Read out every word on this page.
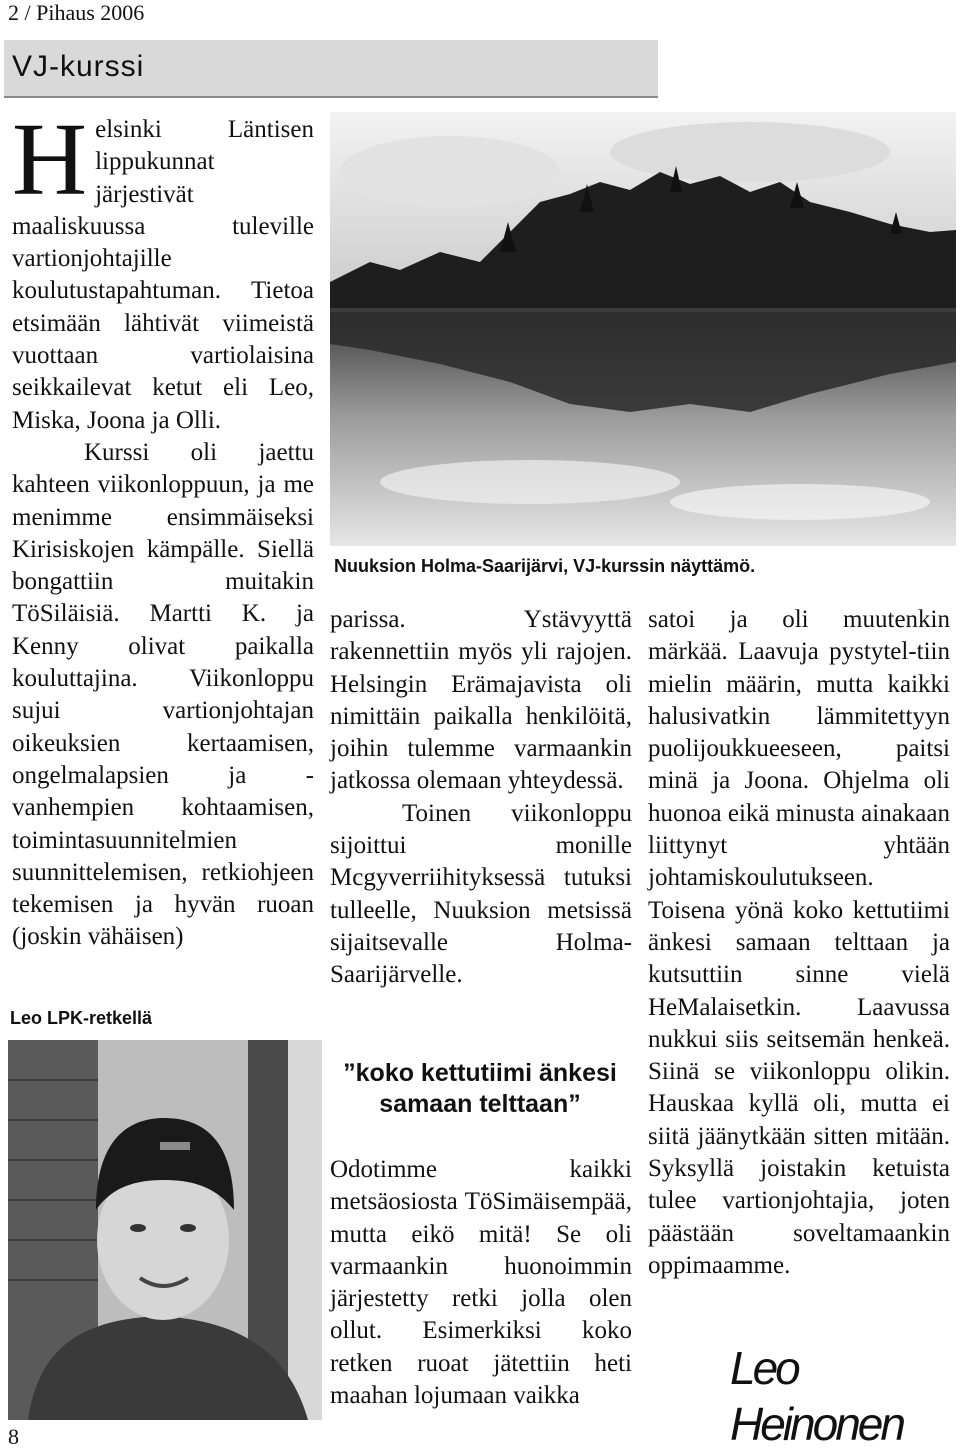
2 / Pihaus 2006
VJ-kurssi
Nuuksion Holma-Saarijärvi, VJ-kurssin näyttämö.

Helsinki Läntisen lippukunnat järjestivät maaliskuussa tuleville vartionjohtajille koulutustapahtuman. Tietoa etsimään lähtivät viimeistä vuottaan vartiolaisina seikkailevat ketut eli Leo, Miska, Joona ja Olli.

Kurssi oli jaettu kahteen viikonloppuun, ja me menimme ensimmäiseksi Kirisiskojen kämpälle. Siellä bongattiin muitakin TöSiläisiä. Martti K. ja Kenny olivat paikalla kouluttajina. Viikonloppu sujui vartionjohtajan oikeuksien kertaamisen, ongelmalapsien ja -vanhempien kohtaamisen, toimintasuunnitelmien suunnittelemisen, retkiohjeen tekemisen ja hyvän ruoan (joskin vähäisen)

Leo LPK-retkellä

parissa. Ystävyyttä rakennettiin myös yli rajojen. Helsingin Erämajavista oli nimittäin paikalla henkilöitä, joihin tulemme varmaankin jatkossa olemaan yhteydessä.

Toinen viikonloppu sijoittui monille Mcgyverriihityksessä tutuksi tulleelle, Nuuksion metsissä sijaitsevalle Holma-Saarijärvelle.

”koko kettutiimi änkesi samaan telttaan”

Odotimme kaikki metsäosiosta TöSimäisempää, mutta eikö mitä! Se oli varmaankin huonoimmin järjestetty retki jolla olen ollut. Esimerkiksi koko retken ruoat jätettiin heti maahan lojumaan vaikka

satoi ja oli muutenkin märkää. Laavuja pystytel-tiin mielin määrin, mutta kaikki halusivatkin lämmitettyyn puolijoukkueeseen, paitsi minä ja Joona. Ohjelma oli huonoa eikä minusta ainakaan liittynyt yhtään johtamiskoulutukseen. Toisena yönä koko kettutiimi änkesi samaan telttaan ja kutsuttiin sinne vielä HeMalaisetkin. Laavussa nukkui siis seitsemän henkeä. Siinä se viikonloppu olikin. Hauskaa kyllä oli, mutta ei siitä jäänytkään sitten mitään. Syksyllä joistakin ketuista tulee vartionjohtajia, joten päästään soveltamaankin oppimaamme.

Leo Heinonen
8
